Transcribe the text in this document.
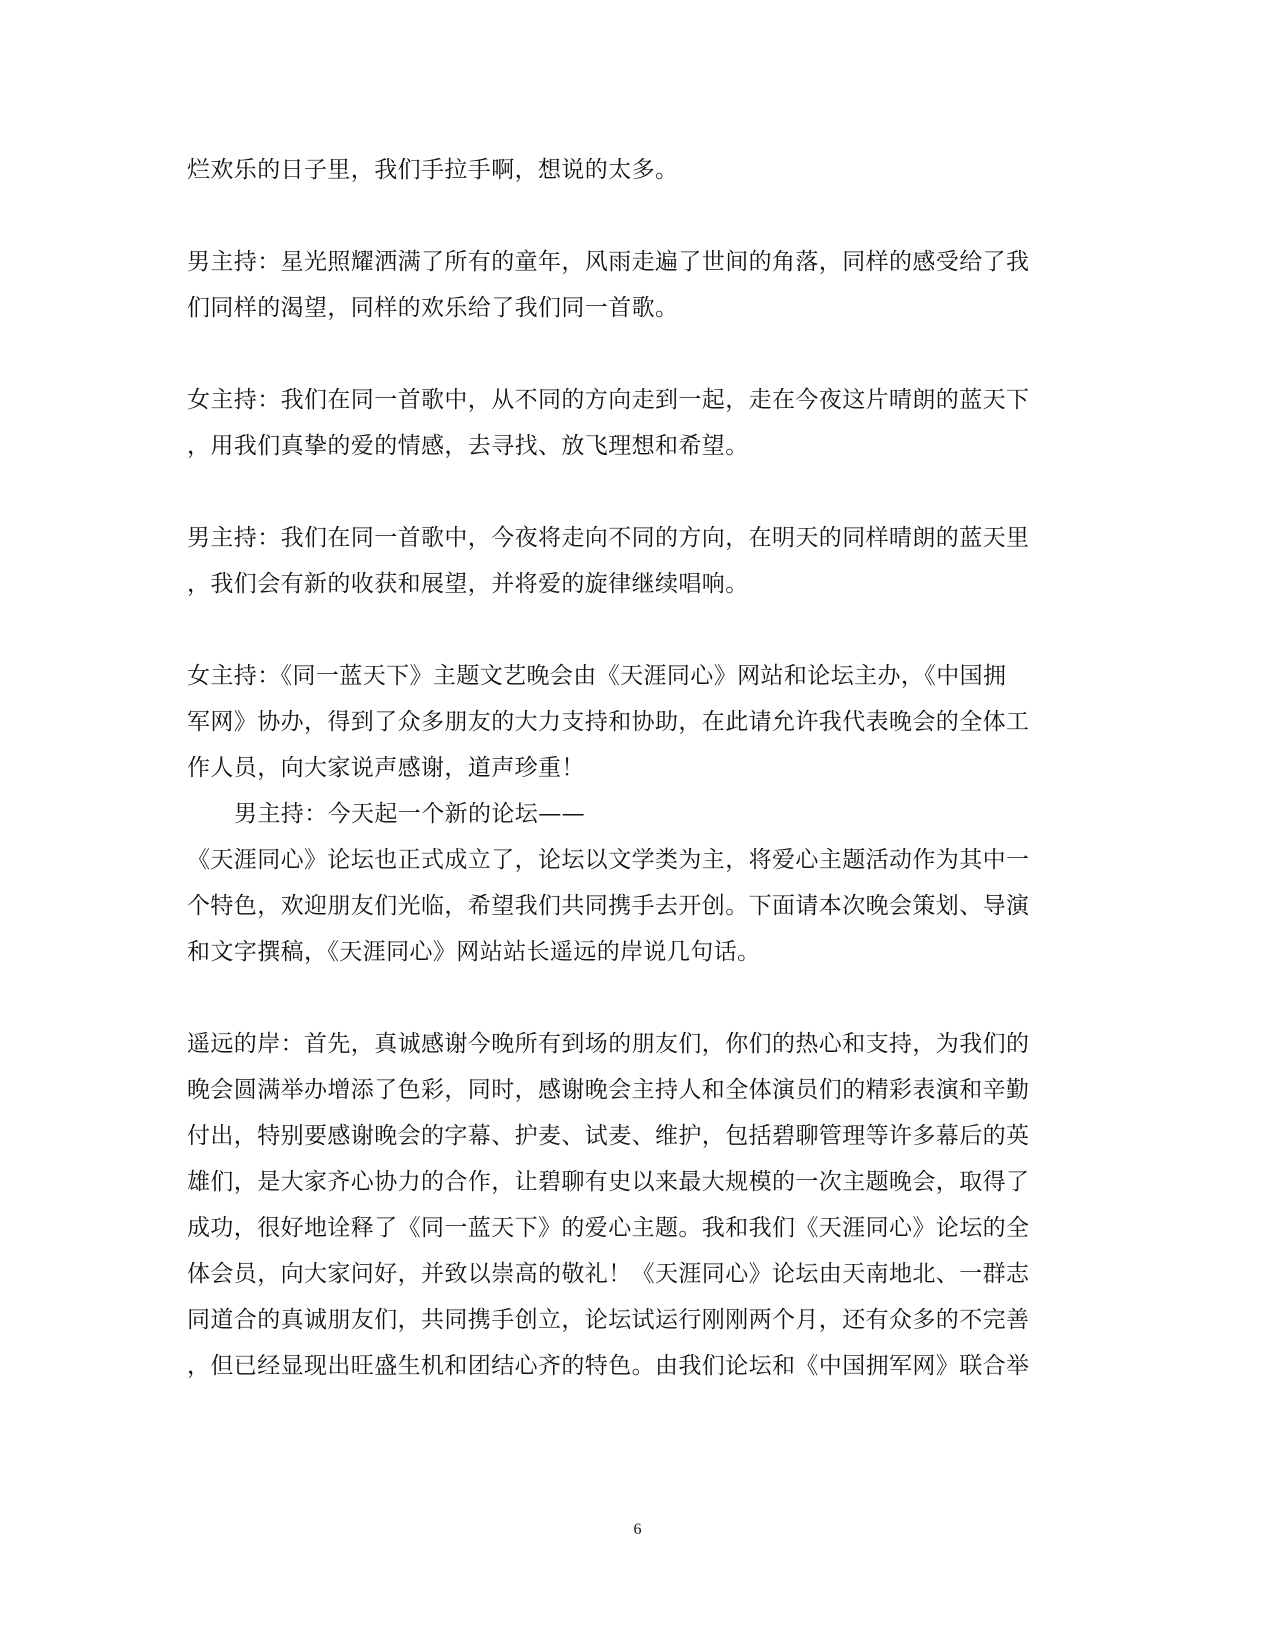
烂欢乐的日子里，我们手拉手啊，想说的太多。
男主持：星光照耀洒满了所有的童年，风雨走遍了世间的角落，同样的感受给了我
们同样的渴望，同样的欢乐给了我们同一首歌。
女主持：我们在同一首歌中，从不同的方向走到一起，走在今夜这片晴朗的蓝天下
，用我们真挚的爱的情感，去寻找、放飞理想和希望。
男主持：我们在同一首歌中，今夜将走向不同的方向，在明天的同样晴朗的蓝天里
，我们会有新的收获和展望，并将爱的旋律继续唱响。
女主持：《同一蓝天下》主题文艺晚会由《天涯同心》网站和论坛主办，《中国拥
军网》协办，得到了众多朋友的大力支持和协助，在此请允许我代表晚会的全体工
作人员，向大家说声感谢，道声珍重！
男主持：今天起一个新的论坛——
《天涯同心》论坛也正式成立了，论坛以文学类为主，将爱心主题活动作为其中一
个特色，欢迎朋友们光临，希望我们共同携手去开创。下面请本次晚会策划、导演
和文字撰稿，《天涯同心》网站站长遥远的岸说几句话。
遥远的岸：首先，真诚感谢今晚所有到场的朋友们，你们的热心和支持，为我们的
晚会圆满举办增添了色彩，同时，感谢晚会主持人和全体演员们的精彩表演和辛勤
付出，特别要感谢晚会的字幕、护麦、试麦、维护，包括碧聊管理等许多幕后的英
雄们，是大家齐心协力的合作，让碧聊有史以来最大规模的一次主题晚会，取得了
成功，很好地诠释了《同一蓝天下》的爱心主题。我和我们《天涯同心》论坛的全
体会员，向大家问好，并致以崇高的敬礼！《天涯同心》论坛由天南地北、一群志
同道合的真诚朋友们，共同携手创立，论坛试运行刚刚两个月，还有众多的不完善
，但已经显现出旺盛生机和团结心齐的特色。由我们论坛和《中国拥军网》联合举
6
